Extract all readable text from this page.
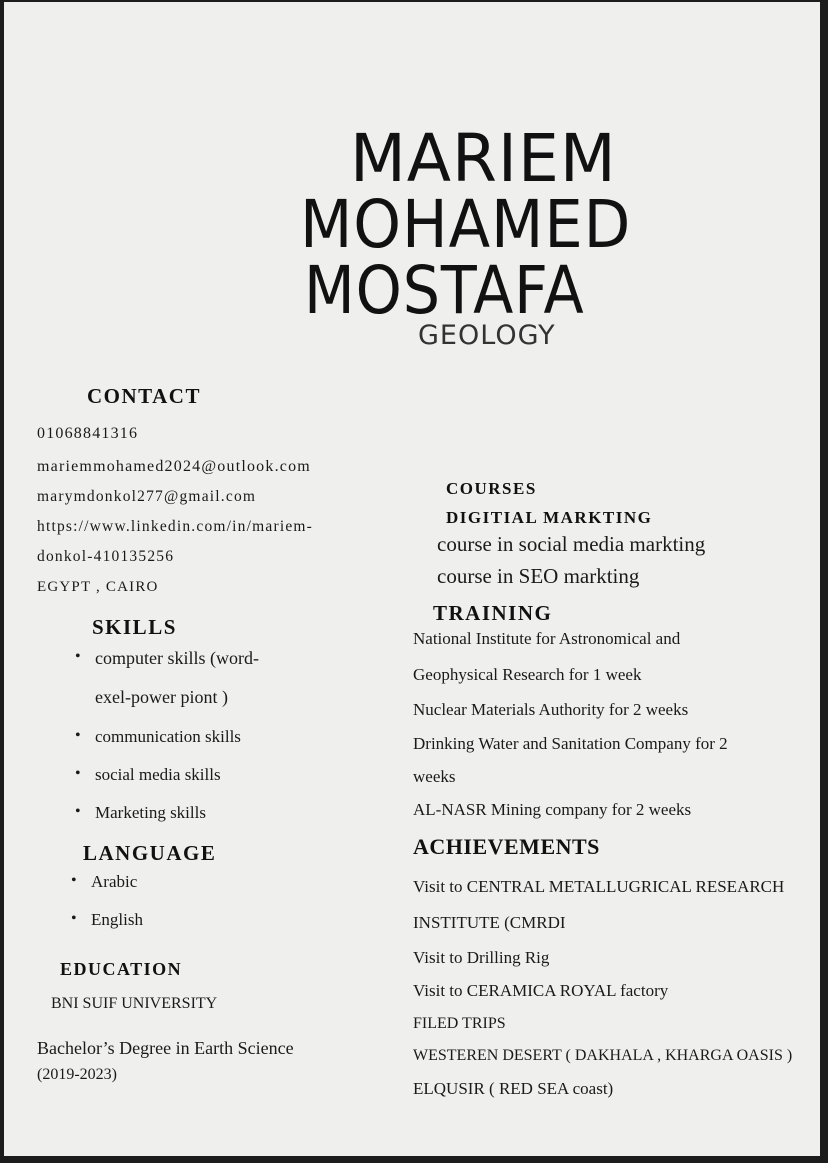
MARIEM
MOHAMED
MOSTAFA
GEOLOGY
CONTACT
01068841316
mariemmohamed2024@outlook.com
marymdonkol277@gmail.com
https://www.linkedin.com/in/mariem-
donkol-410135256
EGYPT , CAIRO
SKILLS
• computer skills (word-
exel-power piont )
• communication skills
• social media skills
• Marketing skills
LANGUAGE
• Arabic
• English
EDUCATION
BNI SUIF UNIVERSITY
Bachelor’s Degree in Earth Science
(2019-2023)
COURSES
DIGITIAL MARKTING
course in social media markting
course in SEO markting
TRAINING
National Institute for Astronomical and
Geophysical Research for 1 week
Nuclear Materials Authority for 2 weeks
Drinking Water and Sanitation Company for 2
weeks
AL-NASR Mining company for 2 weeks
ACHIEVEMENTS
Visit to CENTRAL METALLUGRICAL RESEARCH
INSTITUTE (CMRDI
Visit to Drilling Rig
Visit to CERAMICA ROYAL factory
FILED TRIPS
WESTEREN DESERT ( DAKHALA , KHARGA OASIS )
ELQUSIR ( RED SEA coast)
